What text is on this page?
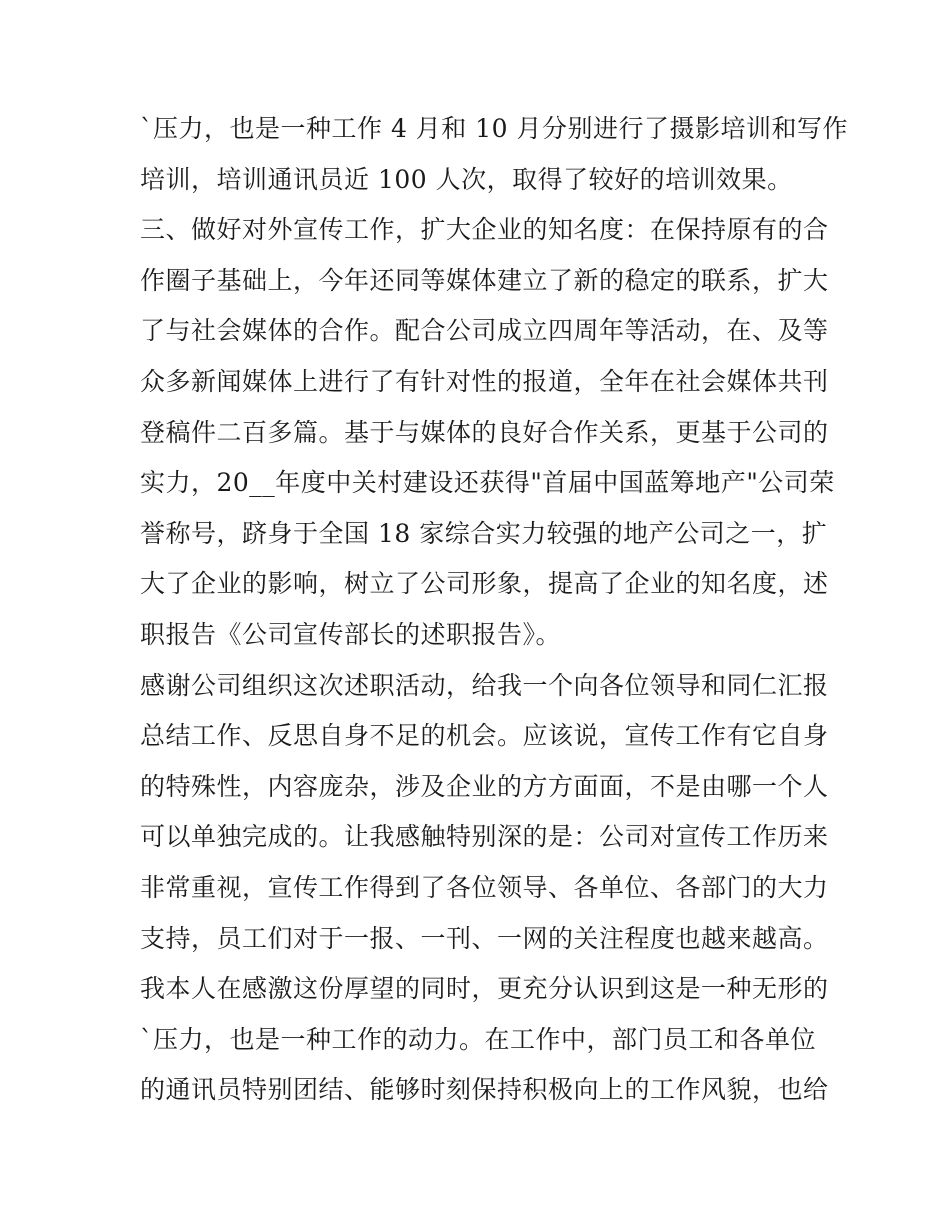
`压力，也是一种工作 4 月和 10 月分别进行了摄影培训和写作
培训，培训通讯员近 100 人次，取得了较好的培训效果。
三、做好对外宣传工作，扩大企业的知名度：在保持原有的合
作圈子基础上，今年还同等媒体建立了新的稳定的联系，扩大
了与社会媒体的合作。配合公司成立四周年等活动，在、及等
众多新闻媒体上进行了有针对性的报道，全年在社会媒体共刊
登稿件二百多篇。基于与媒体的良好合作关系，更基于公司的
实力，20__年度中关村建设还获得"首届中国蓝筹地产"公司荣
誉称号，跻身于全国 18 家综合实力较强的地产公司之一，扩
大了企业的影响，树立了公司形象，提高了企业的知名度，述
职报告《公司宣传部长的述职报告》。
感谢公司组织这次述职活动，给我一个向各位领导和同仁汇报
总结工作、反思自身不足的机会。应该说，宣传工作有它自身
的特殊性，内容庞杂，涉及企业的方方面面，不是由哪一个人
可以单独完成的。让我感触特别深的是：公司对宣传工作历来
非常重视，宣传工作得到了各位领导、各单位、各部门的大力
支持，员工们对于一报、一刊、一网的关注程度也越来越高。
我本人在感激这份厚望的同时，更充分认识到这是一种无形的
`压力，也是一种工作的动力。在工作中，部门员工和各单位
的通讯员特别团结、能够时刻保持积极向上的工作风貌，也给
